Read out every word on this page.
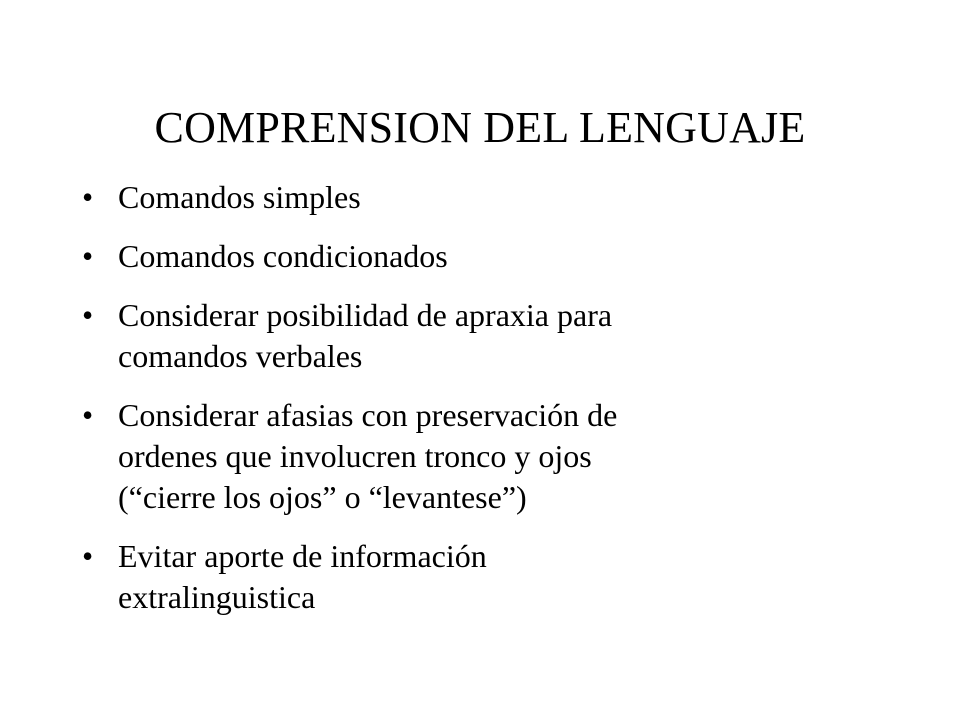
COMPRENSION DEL LENGUAJE
• Comandos simples
• Comandos condicionados
• Considerar posibilidad de apraxia para
comandos verbales
• Considerar afasias con preservación de
ordenes que involucren tronco y ojos
(“cierre los ojos” o “levantese”)
• Evitar aporte de información
extralinguistica
